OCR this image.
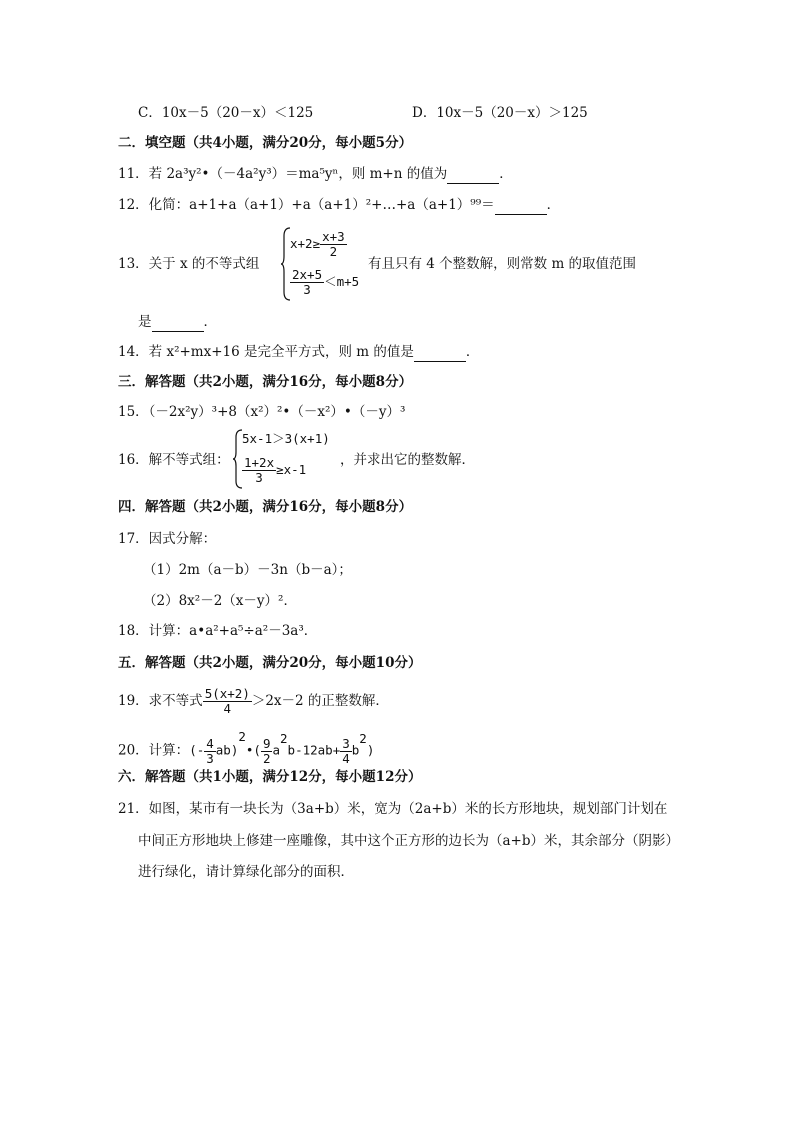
C．10x－5（20－x）＜125	D．10x－5（20－x）＞125
二．填空题（共4小题，满分20分，每小题5分）
11．若 2a³y²•（－4a²y³）＝ma⁵yⁿ，则 m+n 的值为	．
12．化简：a+1+a（a+1）+a（a+1）²+…+a（a+1）⁹⁹＝	．
13．关于 x 的不等式组
$x+2\ge \frac{x+3}{2}$
$\frac{2x+5}{3} <m+5$
有且只有 4 个整数解，则常数 m 的取值范围
是	．
14．若 x²+mx+16 是完全平方式，则 m 的值是	．
三．解答题（共2小题，满分16分，每小题8分）
15．（－2x²y）³+8（x²）²•（－x²）•（－y）³
16．解不等式组：
5x-1＞3(x+1)
$\frac{1+2x}{3} \ge x-1$
，并求出它的整数解．
四．解答题（共2小题，满分16分，每小题8分）
17．因式分解：
（1）2m（a－b）－3n（b－a）；
（2）8x²－2（x－y）²．
18．计算：a•a²+a⁵÷a²－3a³．
五．解答题（共2小题，满分20分，每小题10分）
19．求不等式 $\frac{5(x+2)}{4} >2x-2$ 的正整数解．
20．计算：(- $\frac{4}{3}$ ab)$^2$•( $\frac{9}{2} a^2b-12ab+ \frac{3}{4} b^2$)
六．解答题（共1小题，满分12分，每小题12分）
21．如图，某市有一块长为（3a+b）米，宽为（2a+b）米的长方形地块，规划部门计划在
中间正方形地块上修建一座雕像，其中这个正方形的边长为（a+b）米，其余部分（阴影）
进行绿化，请计算绿化部分的面积．
